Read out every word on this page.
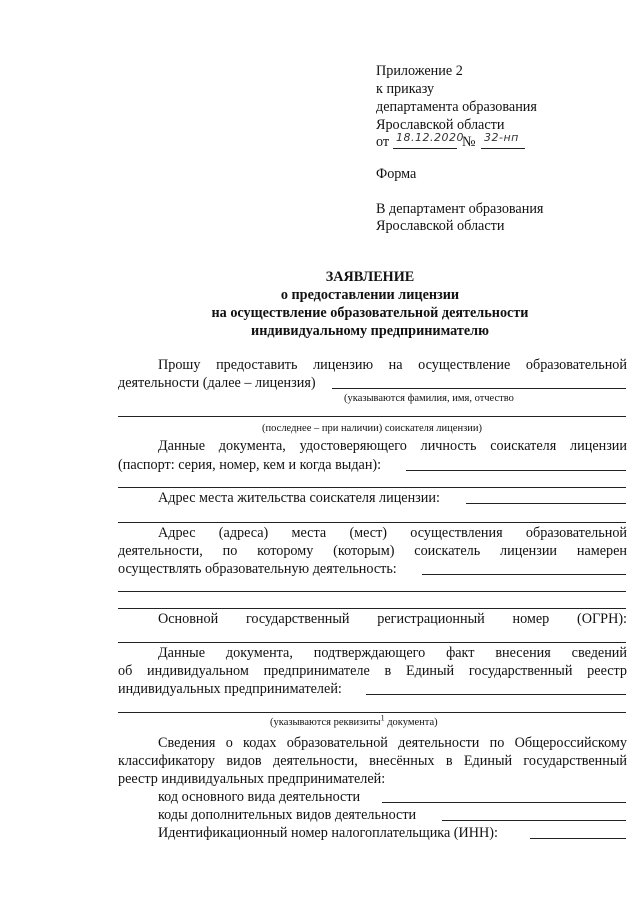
Приложение 2
к приказу
департамента образования
Ярославской области
от 18.12.2020
№ 32-нп
Форма
В департамент образования
Ярославской области
ЗАЯВЛЕНИЕ
о предоставлении лицензии
на осуществление образовательной деятельности
индивидуальному предпринимателю
Прошу предоставить лицензию на осуществление образовательной
деятельности (далее – лицензия)
(указываются фамилия, имя, отчество
(последнее – при наличии) соискателя лицензии)
Данные документа, удостоверяющего личность соискателя лицензии
(паспорт: серия, номер, кем и когда выдан):
Адрес места жительства соискателя лицензии:
Адрес (адреса) места (мест) осуществления образовательной
деятельности, по которому (которым) соискатель лицензии намерен
осуществлять образовательную деятельность:
Основной государственный регистрационный номер (ОГРН):
Данные документа, подтверждающего факт внесения сведений
об индивидуальном предпринимателе в Единый государственный реестр
индивидуальных предпринимателей:
(указываются реквизиты$^1$ документа)
Сведения о кодах образовательной деятельности по Общероссийскому
классификатору видов деятельности, внесённых в Единый государственный
реестр индивидуальных предпринимателей:
код основного вида деятельности
коды дополнительных видов деятельности
Идентификационный номер налогоплательщика (ИНН):
